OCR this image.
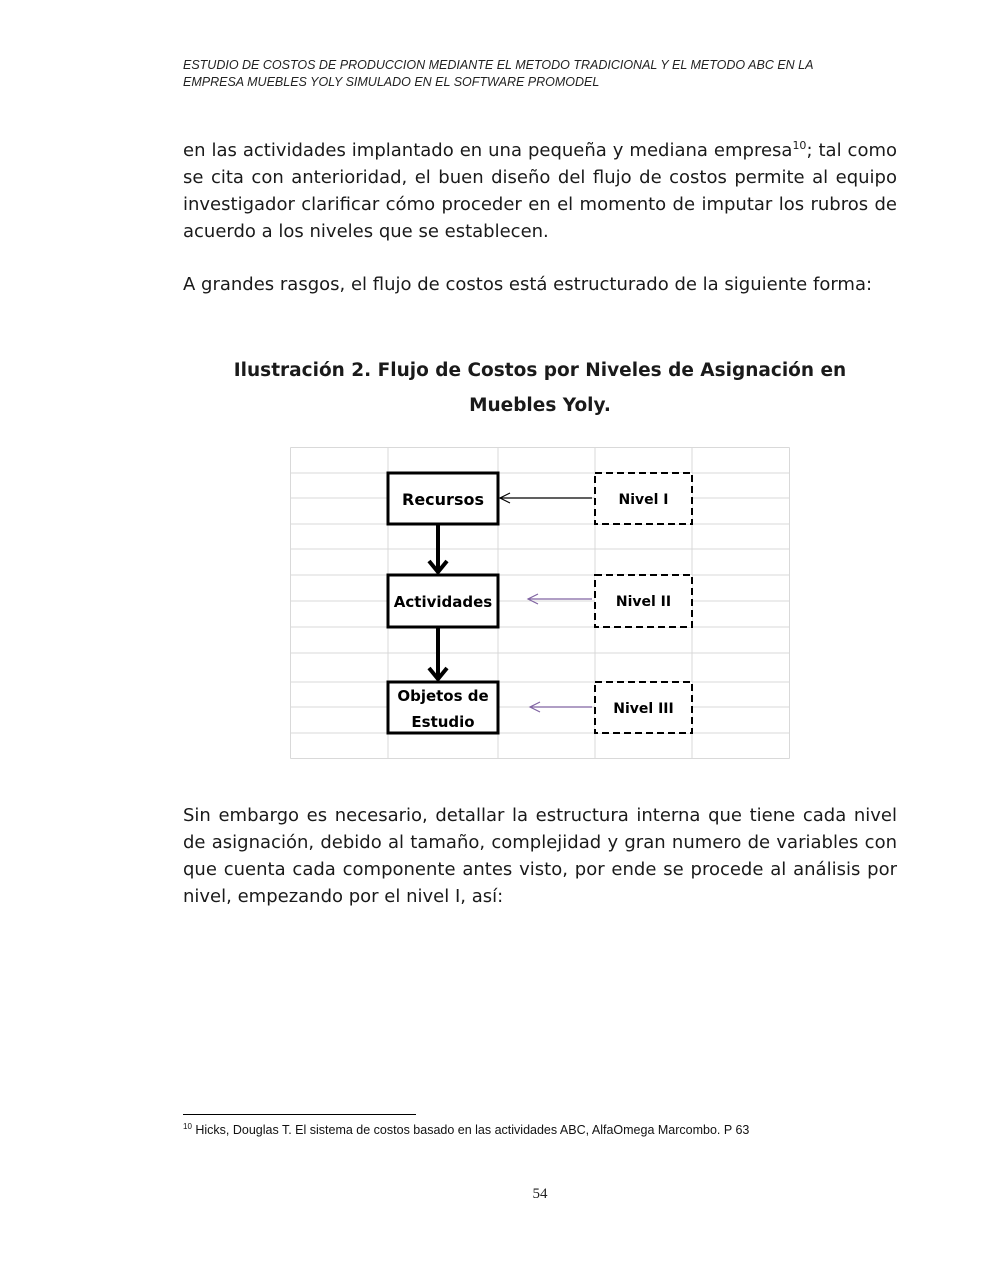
ESTUDIO DE COSTOS DE PRODUCCION MEDIANTE EL METODO TRADICIONAL Y EL METODO ABC EN LA
EMPRESA MUEBLES YOLY SIMULADO EN EL SOFTWARE PROMODEL

en las actividades implantado en una pequeña y mediana empresa$^{10}$; tal como se cita con anterioridad, el buen diseño del flujo de costos permite al equipo investigador clarificar cómo proceder en el momento de imputar los rubros de acuerdo a los niveles que se establecen.

A grandes rasgos, el flujo de costos está estructurado de la siguiente forma:

Ilustración 2. Flujo de Costos por Niveles de Asignación en
Muebles Yoly.
Recursos
Actividades
Objetos de
Estudio
Nivel I
Nivel II
Nivel III

Sin embargo es necesario, detallar la estructura interna que tiene cada nivel de asignación, debido al tamaño, complejidad y gran numero de variables con que cuenta cada componente antes visto, por ende se procede al análisis por nivel, empezando por el nivel I, así:

$^{10}$ Hicks, Douglas T. El sistema de costos basado en las actividades ABC, AlfaOmega Marcombo. P 63
54
